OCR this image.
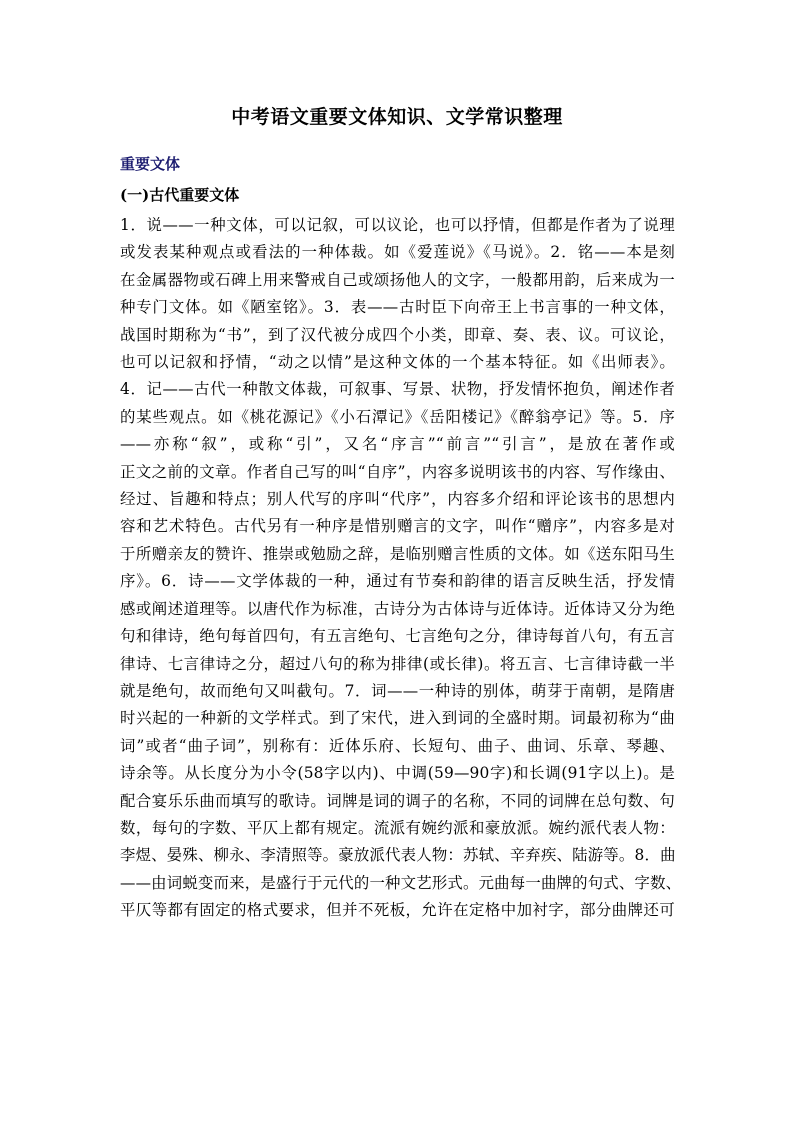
中考语文重要文体知识、文学常识整理
重要文体
(一)古代重要文体
1．说——一种文体，可以记叙，可以议论，也可以抒情，但都是作者为了说理
或发表某种观点或看法的一种体裁。如《爱莲说》《马说》。2．铭——本是刻
在金属器物或石碑上用来警戒自己或颂扬他人的文字，一般都用韵，后来成为一
种专门文体。如《陋室铭》。3．表——古时臣下向帝王上书言事的一种文体，
战国时期称为“书”，到了汉代被分成四个小类，即章、奏、表、议。可议论，
也可以记叙和抒情，“动之以情”是这种文体的一个基本特征。如《出师表》。
4．记——古代一种散文体裁，可叙事、写景、状物，抒发情怀抱负，阐述作者
的某些观点。如《桃花源记》《小石潭记》《岳阳楼记》《醉翁亭记》等。5．序
——亦称“叙”，或称“引”，又名“序言”“前言”“引言”，是放在著作或
正文之前的文章。作者自己写的叫“自序”，内容多说明该书的内容、写作缘由、
经过、旨趣和特点；别人代写的序叫“代序”，内容多介绍和评论该书的思想内
容和艺术特色。古代另有一种序是惜别赠言的文字，叫作“赠序”，内容多是对
于所赠亲友的赞许、推崇或勉励之辞，是临别赠言性质的文体。如《送东阳马生
序》。6．诗——文学体裁的一种，通过有节奏和韵律的语言反映生活，抒发情
感或阐述道理等。以唐代作为标准，古诗分为古体诗与近体诗。近体诗又分为绝
句和律诗，绝句每首四句，有五言绝句、七言绝句之分，律诗每首八句，有五言
律诗、七言律诗之分，超过八句的称为排律(或长律)。将五言、七言律诗截一半
就是绝句，故而绝句又叫截句。7．词——一种诗的别体，萌芽于南朝，是隋唐
时兴起的一种新的文学样式。到了宋代，进入到词的全盛时期。词最初称为“曲
词”或者“曲子词”，别称有：近体乐府、长短句、曲子、曲词、乐章、琴趣、
诗余等。从长度分为小令(58字以内)、中调(59—90字)和长调(91字以上)。是
配合宴乐乐曲而填写的歌诗。词牌是词的调子的名称，不同的词牌在总句数、句
数，每句的字数、平仄上都有规定。流派有婉约派和豪放派。婉约派代表人物：
李煜、晏殊、柳永、李清照等。豪放派代表人物：苏轼、辛弃疾、陆游等。8．曲
——由词蜕变而来，是盛行于元代的一种文艺形式。元曲每一曲牌的句式、字数、
平仄等都有固定的格式要求，但并不死板，允许在定格中加衬字，部分曲牌还可
